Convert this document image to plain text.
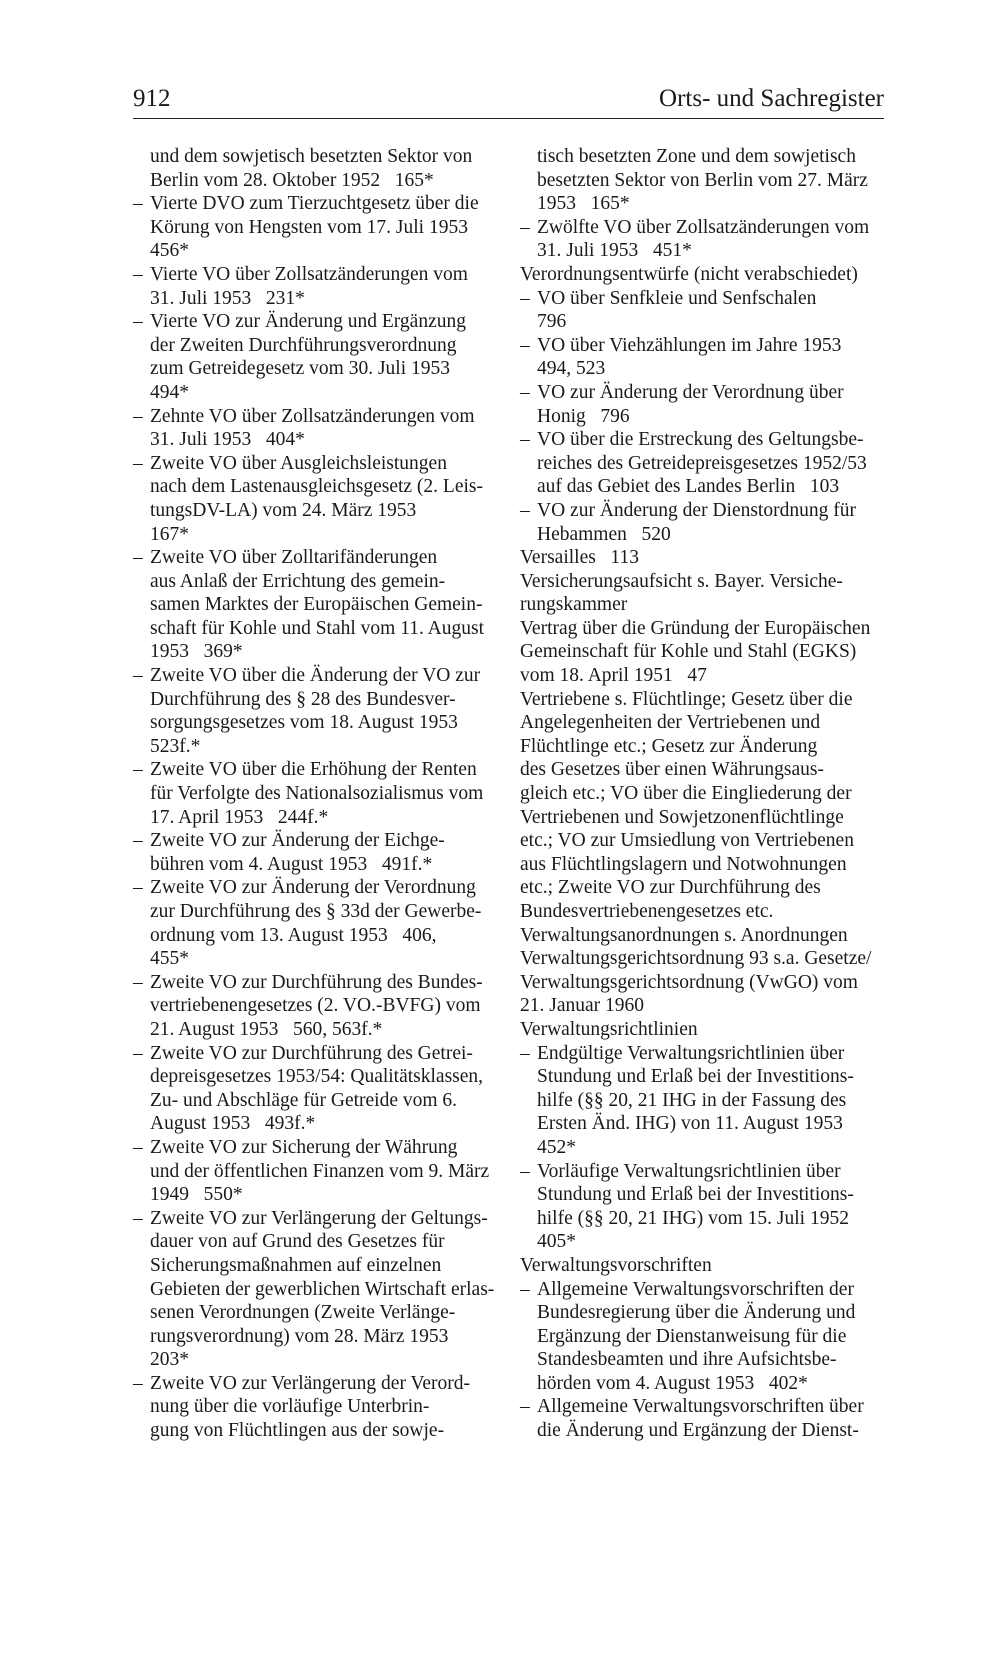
912	Orts- und Sachregister
und dem sowjetisch besetzten Sektor von
Berlin vom 28. Oktober 1952   165*
– Vierte DVO zum Tierzuchtgesetz über die
Körung von Hengsten vom 17. Juli 1953
456*
– Vierte VO über Zollsatzänderungen vom
31. Juli 1953   231*
– Vierte VO zur Änderung und Ergänzung
der Zweiten Durchführungsverordnung
zum Getreidegesetz vom 30. Juli 1953
494*
– Zehnte VO über Zollsatzänderungen vom
31. Juli 1953   404*
– Zweite VO über Ausgleichsleistungen
nach dem Lastenausgleichsgesetz (2. Leis-
tungsDV-LA) vom 24. März 1953
167*
– Zweite VO über Zolltarifänderungen
aus Anlaß der Errichtung des gemein-
samen Marktes der Europäischen Gemein-
schaft für Kohle und Stahl vom 11. August
1953   369*
– Zweite VO über die Änderung der VO zur
Durchführung des § 28 des Bundesver-
sorgungsgesetzes vom 18. August 1953
523f.*
– Zweite VO über die Erhöhung der Renten
für Verfolgte des Nationalsozialismus vom
17. April 1953   244f.*
– Zweite VO zur Änderung der Eichge-
bühren vom 4. August 1953   491f.*
– Zweite VO zur Änderung der Verordnung
zur Durchführung des § 33d der Gewerbe-
ordnung vom 13. August 1953   406,
455*
– Zweite VO zur Durchführung des Bundes-
vertriebenengesetzes (2. VO.-BVFG) vom
21. August 1953   560, 563f.*
– Zweite VO zur Durchführung des Getrei-
depreisgesetzes 1953/54: Qualitätsklassen,
Zu- und Abschläge für Getreide vom 6.
August 1953   493f.*
– Zweite VO zur Sicherung der Währung
und der öffentlichen Finanzen vom 9. März
1949   550*
– Zweite VO zur Verlängerung der Geltungs-
dauer von auf Grund des Gesetzes für
Sicherungsmaßnahmen auf einzelnen
Gebieten der gewerblichen Wirtschaft erlas-
senen Verordnungen (Zweite Verlänge-
rungsverordnung) vom 28. März 1953
203*
– Zweite VO zur Verlängerung der Verord-
nung über die vorläufige Unterbrin-
gung von Flüchtlingen aus der sowje-
tisch besetzten Zone und dem sowjetisch
besetzten Sektor von Berlin vom 27. März
1953   165*
– Zwölfte VO über Zollsatzänderungen vom
31. Juli 1953   451*
Verordnungsentwürfe (nicht verabschiedet)
– VO über Senfkleie und Senfschalen
796
– VO über Viehzählungen im Jahre 1953
494, 523
– VO zur Änderung der Verordnung über
Honig   796
– VO über die Erstreckung des Geltungsbe-
reiches des Getreidepreisgesetzes 1952/53
auf das Gebiet des Landes Berlin   103
– VO zur Änderung der Dienstordnung für
Hebammen   520
Versailles   113
Versicherungsaufsicht s. Bayer. Versiche-
rungskammer
Vertrag über die Gründung der Europäischen
Gemeinschaft für Kohle und Stahl (EGKS)
vom 18. April 1951   47
Vertriebene s. Flüchtlinge; Gesetz über die
Angelegenheiten der Vertriebenen und
Flüchtlinge etc.; Gesetz zur Änderung
des Gesetzes über einen Währungsaus-
gleich etc.; VO über die Eingliederung der
Vertriebenen und Sowjetzonenflüchtlinge
etc.; VO zur Umsiedlung von Vertriebenen
aus Flüchtlingslagern und Notwohnungen
etc.; Zweite VO zur Durchführung des
Bundesvertriebenengesetzes etc.
Verwaltungsanordnungen s. Anordnungen
Verwaltungsgerichtsordnung 93 s.a. Gesetze/
Verwaltungsgerichtsordnung (VwGO) vom
21. Januar 1960
Verwaltungsrichtlinien
– Endgültige Verwaltungsrichtlinien über
Stundung und Erlaß bei der Investitions-
hilfe (§§ 20, 21 IHG in der Fassung des
Ersten Änd. IHG) von 11. August 1953
452*
– Vorläufige Verwaltungsrichtlinien über
Stundung und Erlaß bei der Investitions-
hilfe (§§ 20, 21 IHG) vom 15. Juli 1952
405*
Verwaltungsvorschriften
– Allgemeine Verwaltungsvorschriften der
Bundesregierung über die Änderung und
Ergänzung der Dienstanweisung für die
Standesbeamten und ihre Aufsichtsbe-
hörden vom 4. August 1953   402*
– Allgemeine Verwaltungsvorschriften über
die Änderung und Ergänzung der Dienst-
